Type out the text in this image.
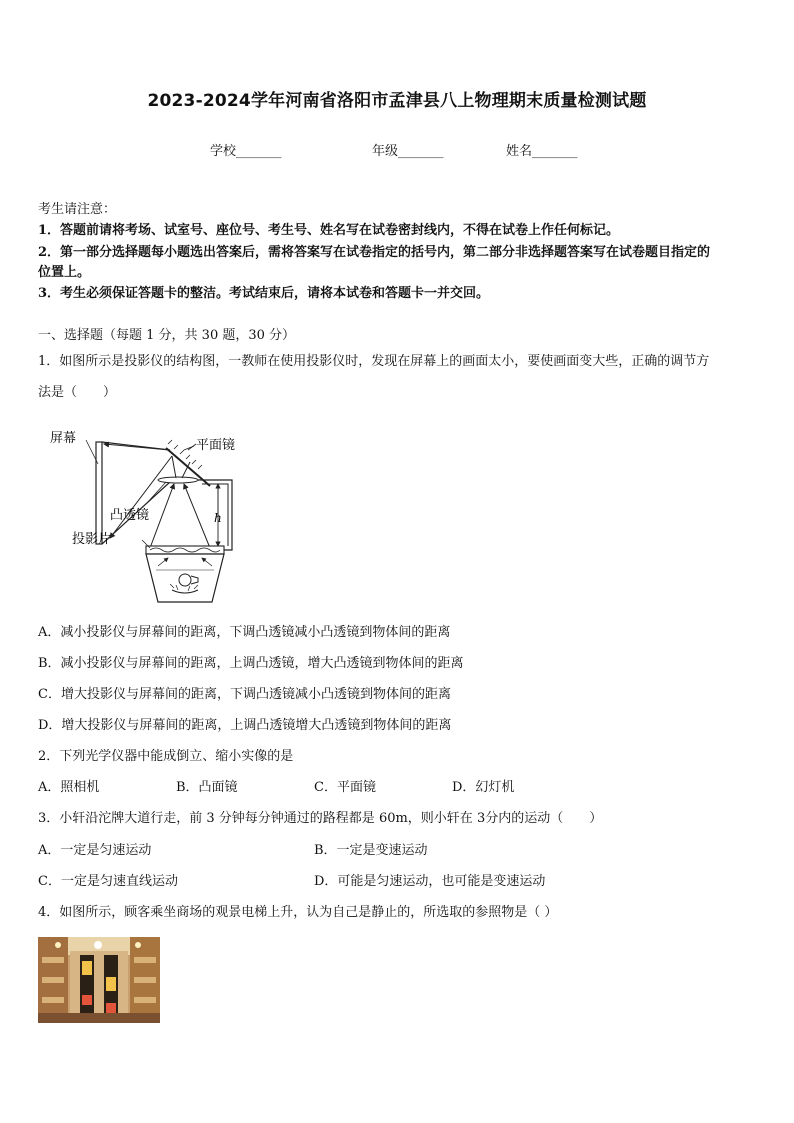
2023-2024学年河南省洛阳市孟津县八上物理期末质量检测试题
学校_______	年级_______	姓名_______
考生请注意：
1．答题前请将考场、试室号、座位号、考生号、姓名写在试卷密封线内，不得在试卷上作任何标记。
2．第一部分选择题每小题选出答案后，需将答案写在试卷指定的括号内，第二部分非选择题答案写在试卷题目指定的
位置上。
3．考生必须保证答题卡的整洁。考试结束后，请将本试卷和答题卡一并交回。
一、选择题（每题 1 分，共 30 题，30 分）
1．如图所示是投影仪的结构图，一教师在使用投影仪时，发现在屏幕上的画面太小，要使画面变大些，正确的调节方
法是（　　）
屏幕	平面镜
凸透镜
投影片
h
A．减小投影仪与屏幕间的距离，下调凸透镜减小凸透镜到物体间的距离
B．减小投影仪与屏幕间的距离，上调凸透镜，增大凸透镜到物体间的距离
C．增大投影仪与屏幕间的距离，下调凸透镜减小凸透镜到物体间的距离
D．增大投影仪与屏幕间的距离，上调凸透镜增大凸透镜到物体间的距离
2．下列光学仪器中能成倒立、缩小实像的是
A．照相机	B．凸面镜	C．平面镜	D．幻灯机
3．小轩沿沱牌大道行走，前 3 分钟每分钟通过的路程都是 60m，则小轩在 3分内的运动（　　）
A．一定是匀速运动	B．一定是变速运动
C．一定是匀速直线运动	D．可能是匀速运动，也可能是变速运动
4．如图所示，顾客乘坐商场的观景电梯上升，认为自己是静止的，所选取的参照物是（ ）
